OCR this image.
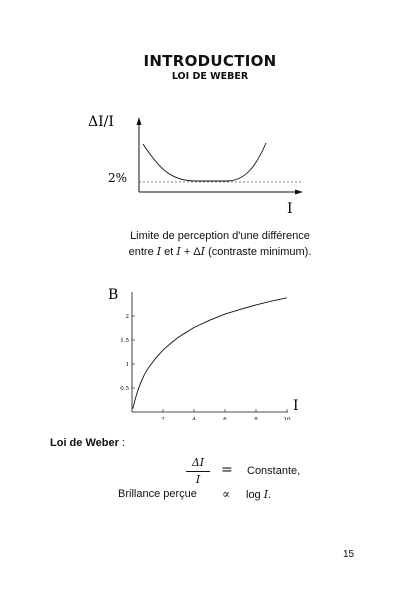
INTRODUCTION
LOI DE WEBER
ΔI/I
2%
I
Limite de perception d'une différence
entre I et I + ΔI (contraste minimum).
B
I
2	4	6	8	10
0.5
1
1.5
2
Loi de Weber :
ΔI
I
= Constante,
Brillance perçue ∝ log I.
15
